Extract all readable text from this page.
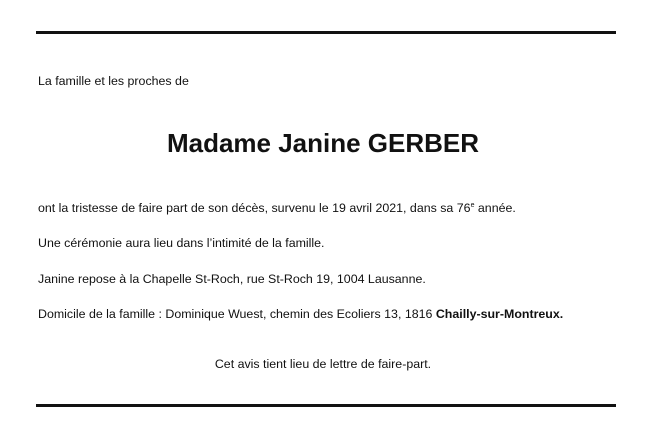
La famille et les proches de
Madame Janine GERBER
ont la tristesse de faire part de son décès, survenu le 19 avril 2021, dans sa 76e année.
Une cérémonie aura lieu dans l’intimité de la famille.
Janine repose à la Chapelle St-Roch, rue St-Roch 19, 1004 Lausanne.
Domicile de la famille : Dominique Wuest, chemin des Ecoliers 13, 1816 Chailly-sur-Montreux.
Cet avis tient lieu de lettre de faire-part.
